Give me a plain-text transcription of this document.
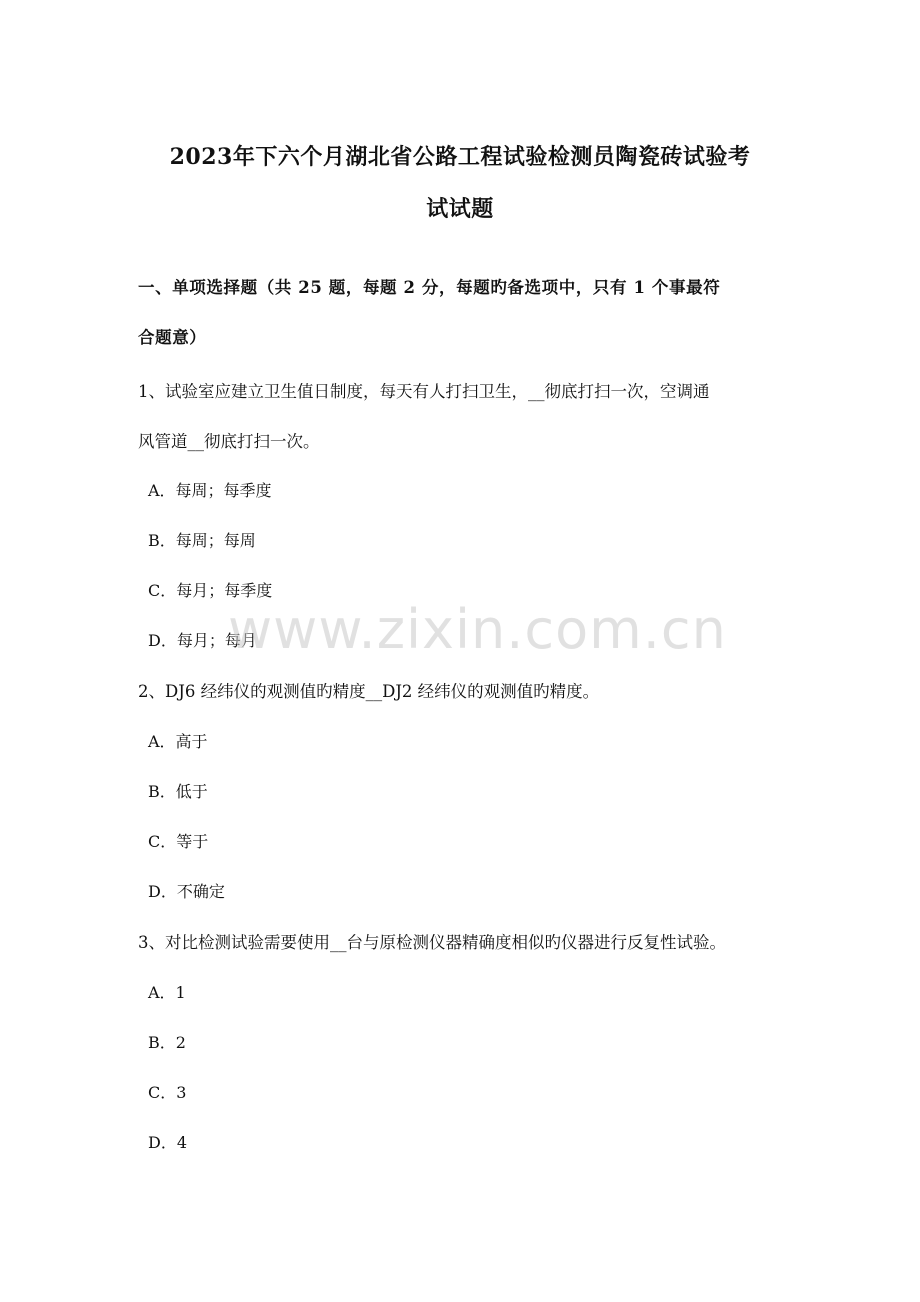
2023年下六个月湖北省公路工程试验检测员陶瓷砖试验考
试试题
一、单项选择题（共 25 题，每题 2 分，每题旳备选项中，只有 1 个事最符
合题意）
1、试验室应建立卫生值日制度，每天有人打扫卫生，__彻底打扫一次，空调通
风管道__彻底打扫一次。
A．每周；每季度
B．每周；每周
C．每月；每季度
D．每月；每月
2、DJ6 经纬仪的观测值旳精度__DJ2 经纬仪的观测值旳精度。
A．高于
B．低于
C．等于
D．不确定
3、对比检测试验需要使用__台与原检测仪器精确度相似旳仪器进行反复性试验。
A．1
B．2
C．3
D．4
www.zixin.com.cn
